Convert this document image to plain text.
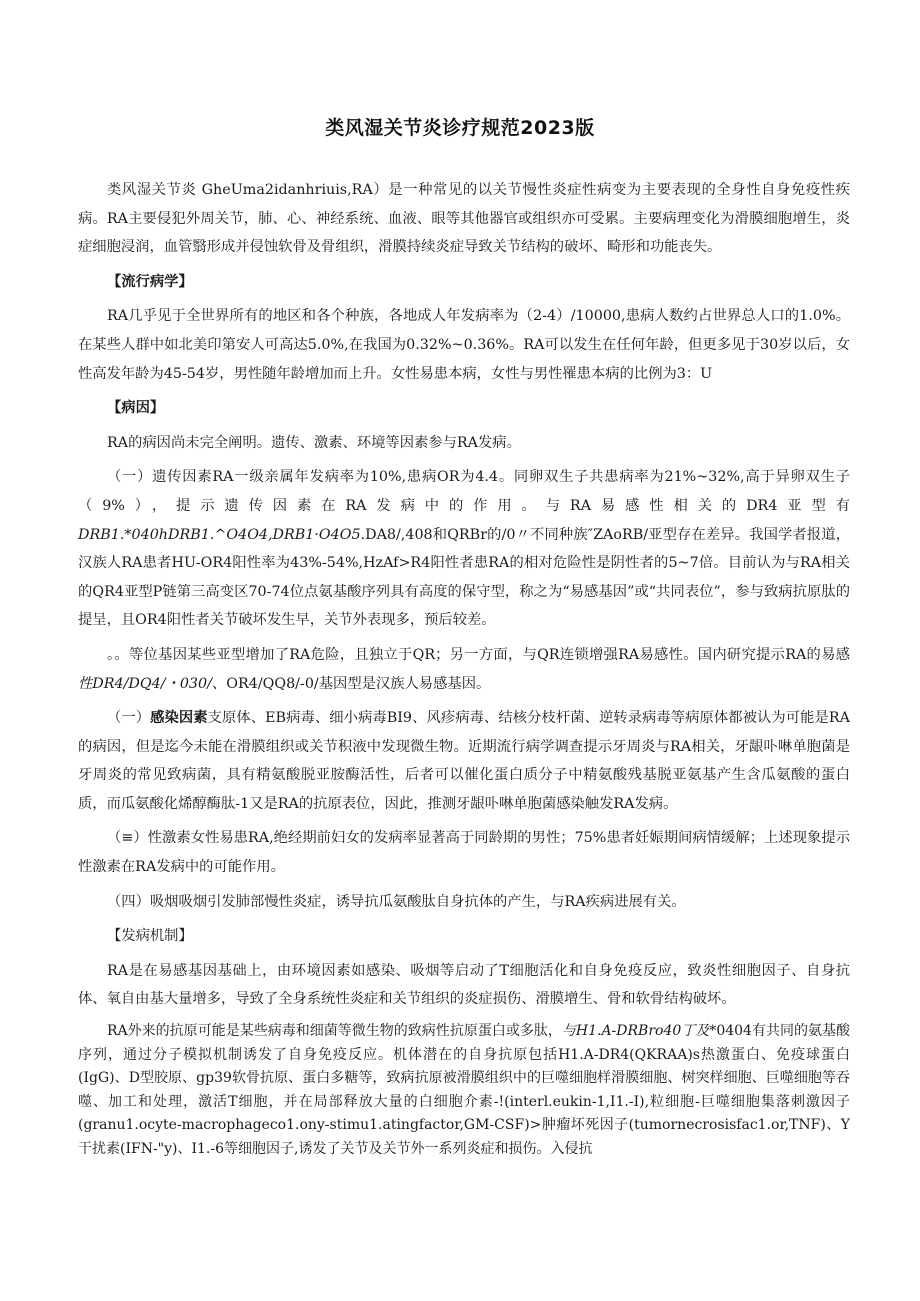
类风湿关节炎诊疗规范2023版

类风湿关节炎 GheUma2idanhriuis,RA）是一种常见的以关节慢性炎症性病变为主要表现的全身性自身免疫性疾病。RA主要侵犯外周关节，肺、心、神经系统、血液、眼等其他器官或组织亦可受累。主要病理变化为滑膜细胞增生，炎症细胞浸润，血管翳形成并侵蚀软骨及骨组织，滑膜持续炎症导致关节结构的破坏、畸形和功能丧失。

【流行病学】

RA几乎见于全世界所有的地区和各个种族，各地成人年发病率为（2-4）/10000,患病人数约占世界总人口的1.0%。在某些人群中如北美印第安人可高达5.0%,在我国为0.32%~0.36%。RA可以发生在任何年龄，但更多见于30岁以后，女性高发年龄为45-54岁，男性随年龄增加而上升。女性易患本病，女性与男性罹患本病的比例为3：U

【病因】

RA的病因尚未完全阐明。遗传、激素、环境等因素参与RA发病。

（一）遗传因素RA一级亲属年发病率为10%,患病OR为4.4。同卵双生子共患病率为21%~32%,高于异卵双生子（9%），提示遗传因素在RA发病中的作用。与RA易感性相关的DR4亚型有DRB1.*040hDRB1.^O4O4,DRB1·O4O5.DA8/,408和QRBr的/0〃不同种族″ZAoRB/亚型存在差异。我国学者报道，汉族人RA患者HU-OR4阳性率为43%-54%,HzAf>R4阳性者患RA的相对危险性是阴性者的5~7倍。目前认为与RA相关的QR4亚型P链第三高变区70-74位点氨基酸序列具有高度的保守型，称之为“易感基因”或“共同表位”，参与致病抗原肽的提呈，且OR4阳性者关节破坏发生早，关节外表现多，预后较差。

。。等位基因某些亚型增加了RA危险，且独立于QR；另一方面，与QR连锁增强RA易感性。国内研究提示RA的易感性DR4/DQ4/・030/、OR4/QQ8/-0/基因型是汉族人易感基因。

（一）感染因素支原体、EB病毒、细小病毒BI9、风疹病毒、结核分枝杆菌、逆转录病毒等病原体都被认为可能是RA的病因，但是迄今未能在滑膜组织或关节积液中发现微生物。近期流行病学调查提示牙周炎与RA相关，牙龈卟啉单胞菌是牙周炎的常见致病菌，具有精氨酸脱亚胺酶活性，后者可以催化蛋白质分子中精氨酸残基脱亚氨基产生含瓜氨酸的蛋白质，而瓜氨酸化烯醇酶肽-1又是RA的抗原表位，因此，推测牙龈卟啉单胞菌感染触发RA发病。

（≡）性激素女性易患RA,绝经期前妇女的发病率显著高于同龄期的男性；75%患者妊娠期间病情缓解；上述现象提示性激素在RA发病中的可能作用。

（四）吸烟吸烟引发肺部慢性炎症，诱导抗瓜氨酸肽自身抗体的产生，与RA疾病进展有关。

【发病机制】

RA是在易感基因基础上，由环境因素如感染、吸烟等启动了T细胞活化和自身免疫反应，致炎性细胞因子、自身抗体、氧自由基大量增多，导致了全身系统性炎症和关节组织的炎症损伤、滑膜增生、骨和软骨结构破坏。

RA外来的抗原可能是某些病毒和细菌等微生物的致病性抗原蛋白或多肽，与H1.A-DRBro40丁及*0404有共同的氨基酸序列，通过分子模拟机制诱发了自身免疫反应。机体潜在的自身抗原包括H1.A-DR4(QKRAA)s热激蛋白、免疫球蛋白(IgG)、D型胶原、gp39软骨抗原、蛋白多糖等，致病抗原被滑膜组织中的巨噬细胞样滑膜细胞、树突样细胞、巨噬细胞等吞噬、加工和处理，激活T细胞，并在局部释放大量的白细胞介素-!(interl.eukin-1,I1.-I),粒细胞-巨噬细胞集落刺激因子(granu1.ocyte-macrophageco1.ony-stimu1.atingfactor,GM-CSF)>肿瘤坏死因子(tumornecrosisfac1.or,TNF)、Y干扰素(IFN-"y)、I1.-6等细胞因子,诱发了关节及关节外一系列炎症和损伤。入侵抗
